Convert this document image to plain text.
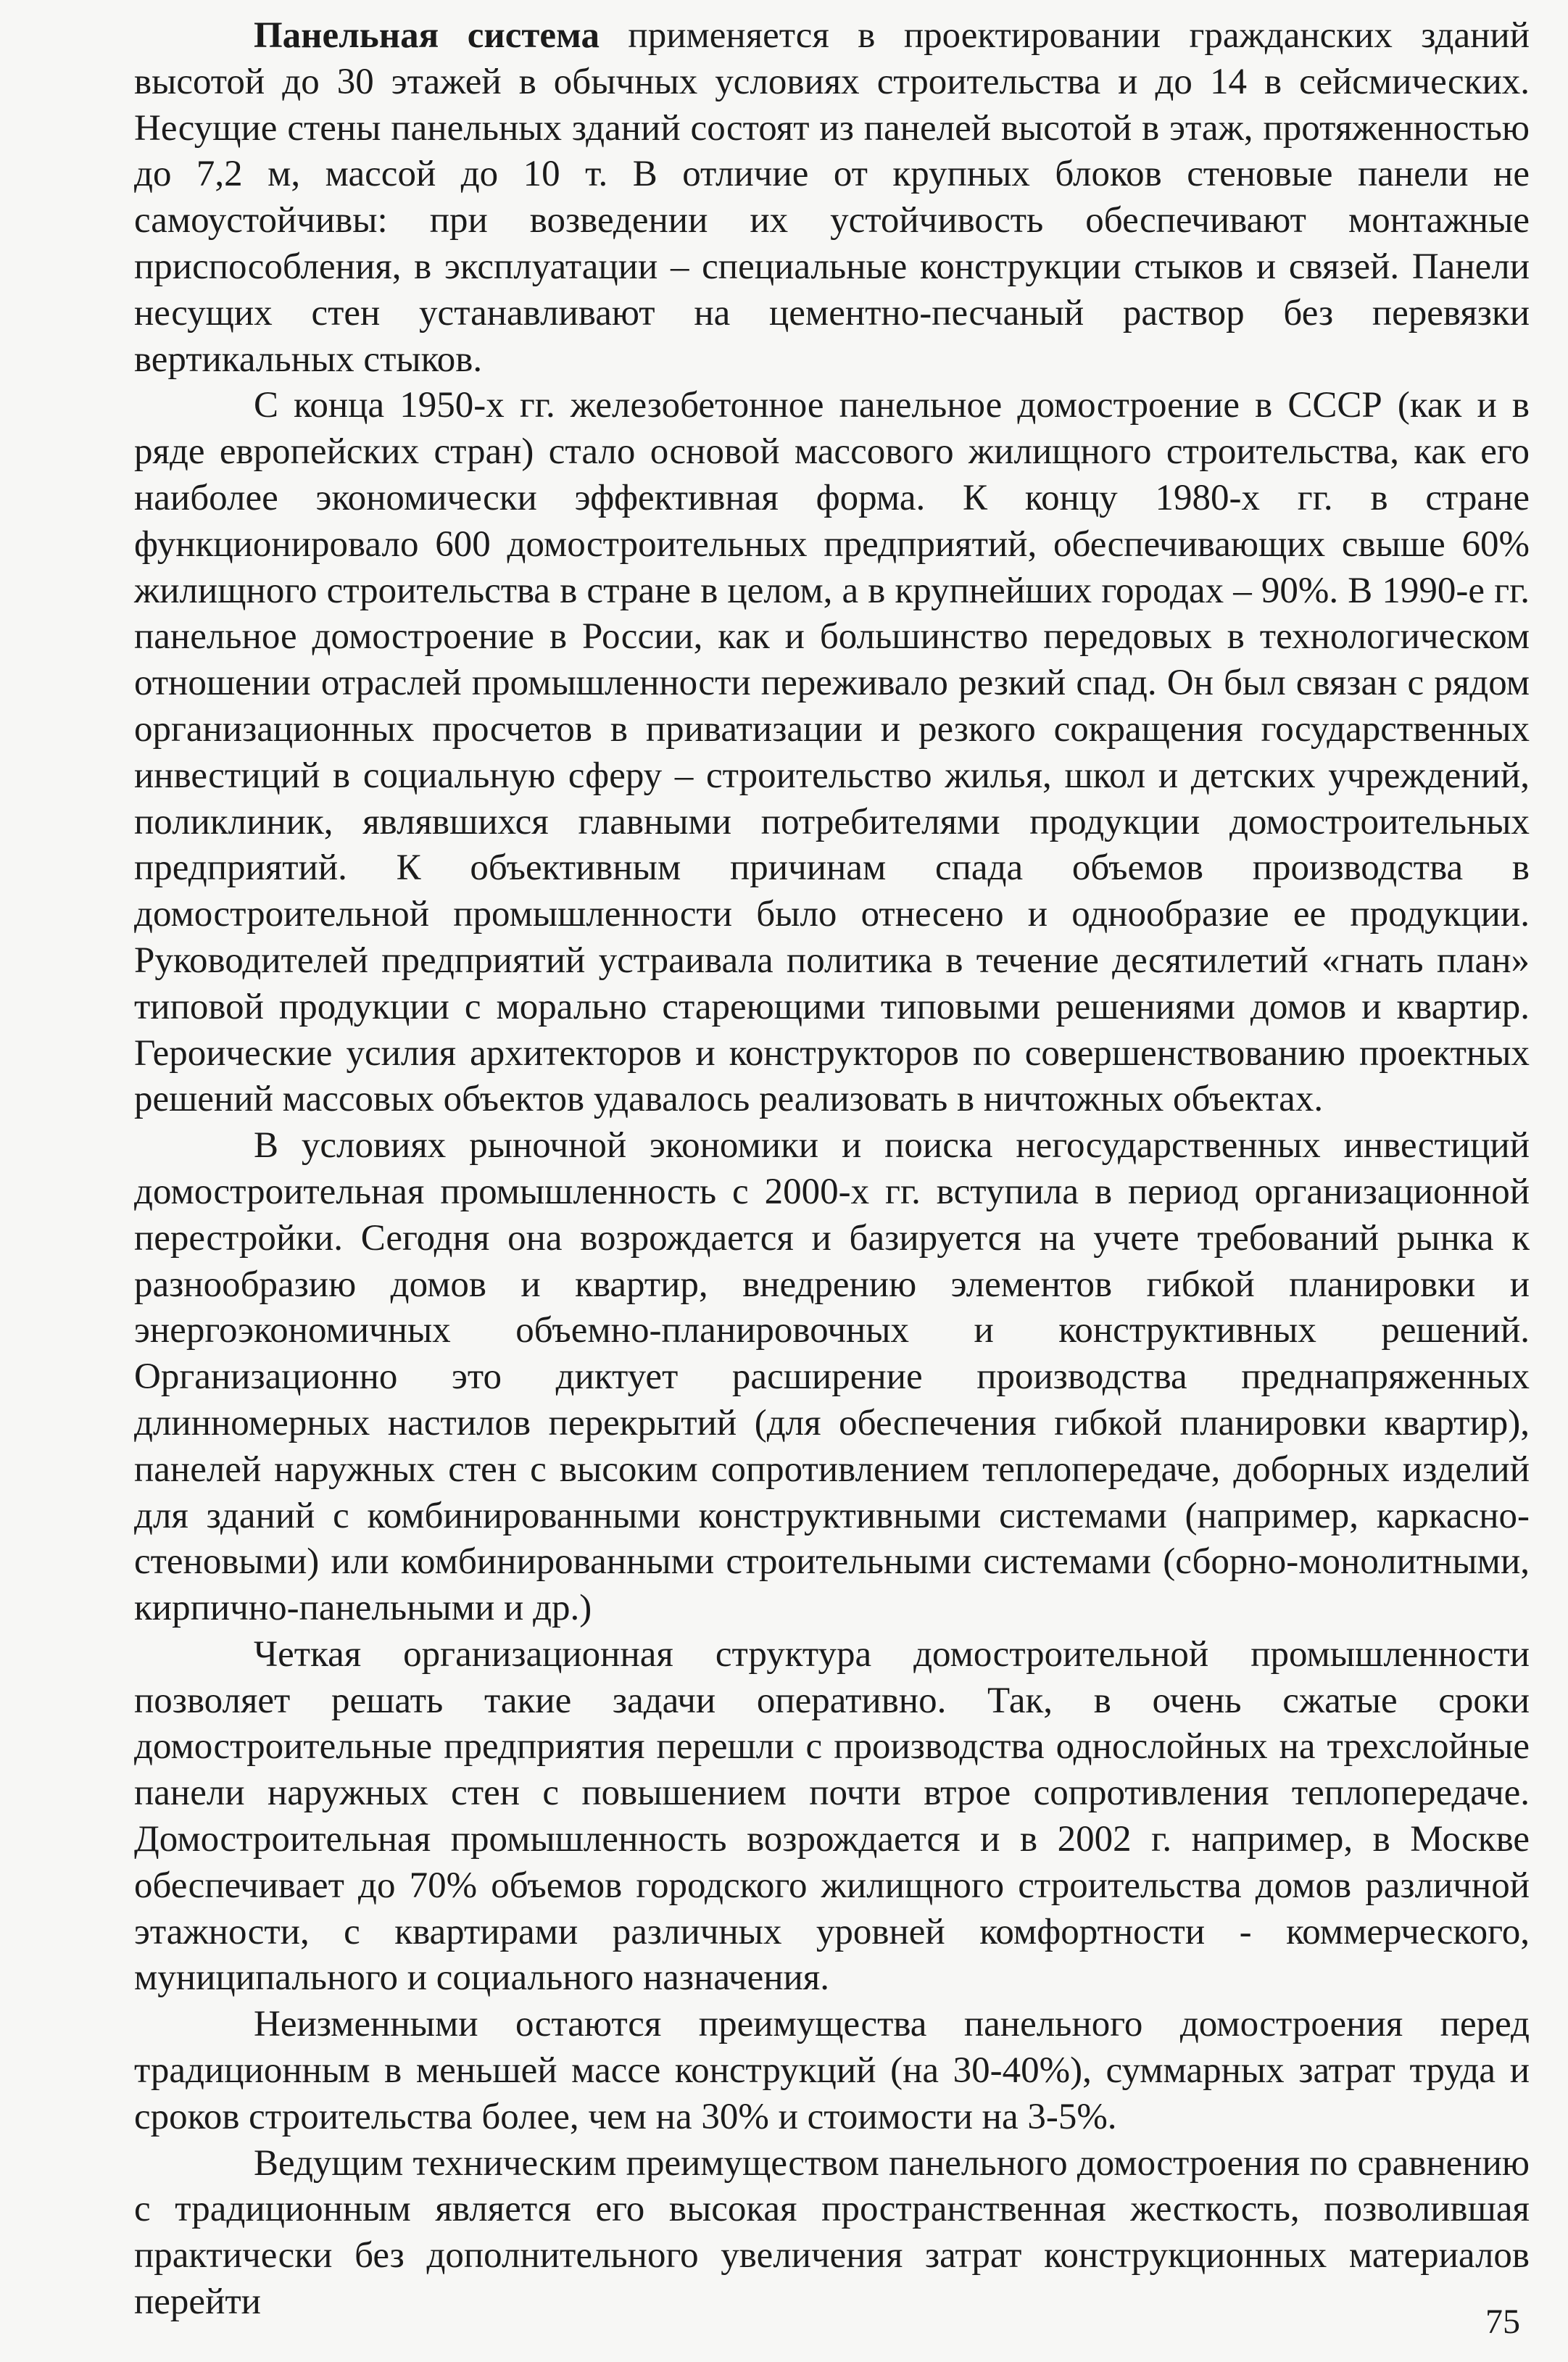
Панельная система применяется в проектировании гражданских зданий высотой до 30 этажей в обычных условиях строительства и до 14 в сейсмических. Несущие стены панельных зданий состоят из панелей высотой в этаж, протяженностью до 7,2 м, массой до 10 т. В отличие от крупных блоков стеновые панели не самоустойчивы: при возведении их устойчивость обеспечивают монтажные приспособления, в эксплуатации – специальные конструкции стыков и связей. Панели несущих стен устанавливают на цементно-песчаный раствор без перевязки вертикальных стыков.

С конца 1950-х гг. железобетонное панельное домостроение в СССР (как и в ряде европейских стран) стало основой массового жилищного строительства, как его наиболее экономически эффективная форма. К концу 1980-х гг. в стране функционировало 600 домостроительных предприятий, обеспечивающих свыше 60% жилищного строительства в стране в целом, а в крупнейших городах – 90%. В 1990-е гг. панельное домостроение в России, как и большинство передовых в технологическом отношении отраслей промышленности переживало резкий спад. Он был связан с рядом организационных просчетов в приватизации и резкого сокращения государственных инвестиций в социальную сферу – строительство жилья, школ и детских учреждений, поликлиник, являвшихся главными потребителями продукции домостроительных предприятий. К объективным причинам спада объемов производства в домостроительной промышленности было отнесено и однообразие ее продукции. Руководителей предприятий устраивала политика в течение десятилетий «гнать план» типовой продукции с морально стареющими типовыми решениями домов и квартир. Героические усилия архитекторов и конструкторов по совершенствованию проектных решений массовых объектов удавалось реализовать в ничтожных объектах.

В условиях рыночной экономики и поиска негосударственных инвестиций домостроительная промышленность с 2000-х гг. вступила в период организационной перестройки. Сегодня она возрождается и базируется на учете требований рынка к разнообразию домов и квартир, внедрению элементов гибкой планировки и энергоэкономичных объемно-планировочных и конструктивных решений. Организационно это диктует расширение производства преднапряженных длинномерных настилов перекрытий (для обеспечения гибкой планировки квартир), панелей наружных стен с высоким сопротивлением теплопередаче, доборных изделий для зданий с комбинированными конструктивными системами (например, каркасно-стеновыми) или комбинированными строительными системами (сборно-монолитными, кирпично-панельными и др.)

Четкая организационная структура домостроительной промышленности позволяет решать такие задачи оперативно. Так, в очень сжатые сроки домостроительные предприятия перешли с производства однослойных на трехслойные панели наружных стен с повышением почти втрое сопротивления теплопередаче. Домостроительная промышленность возрождается и в 2002 г. например, в Москве обеспечивает до 70% объемов городского жилищного строительства домов различной этажности, с квартирами различных уровней комфортности - коммерческого, муниципального и социального назначения.

Неизменными остаются преимущества панельного домостроения перед традиционным в меньшей массе конструкций (на 30-40%), суммарных затрат труда и сроков строительства более, чем на 30% и стоимости на 3-5%.

Ведущим техническим преимуществом панельного домостроения по сравнению с традиционным является его высокая пространственная жесткость, позволившая практически без дополнительного увеличения затрат конструкционных материалов перейти	75
